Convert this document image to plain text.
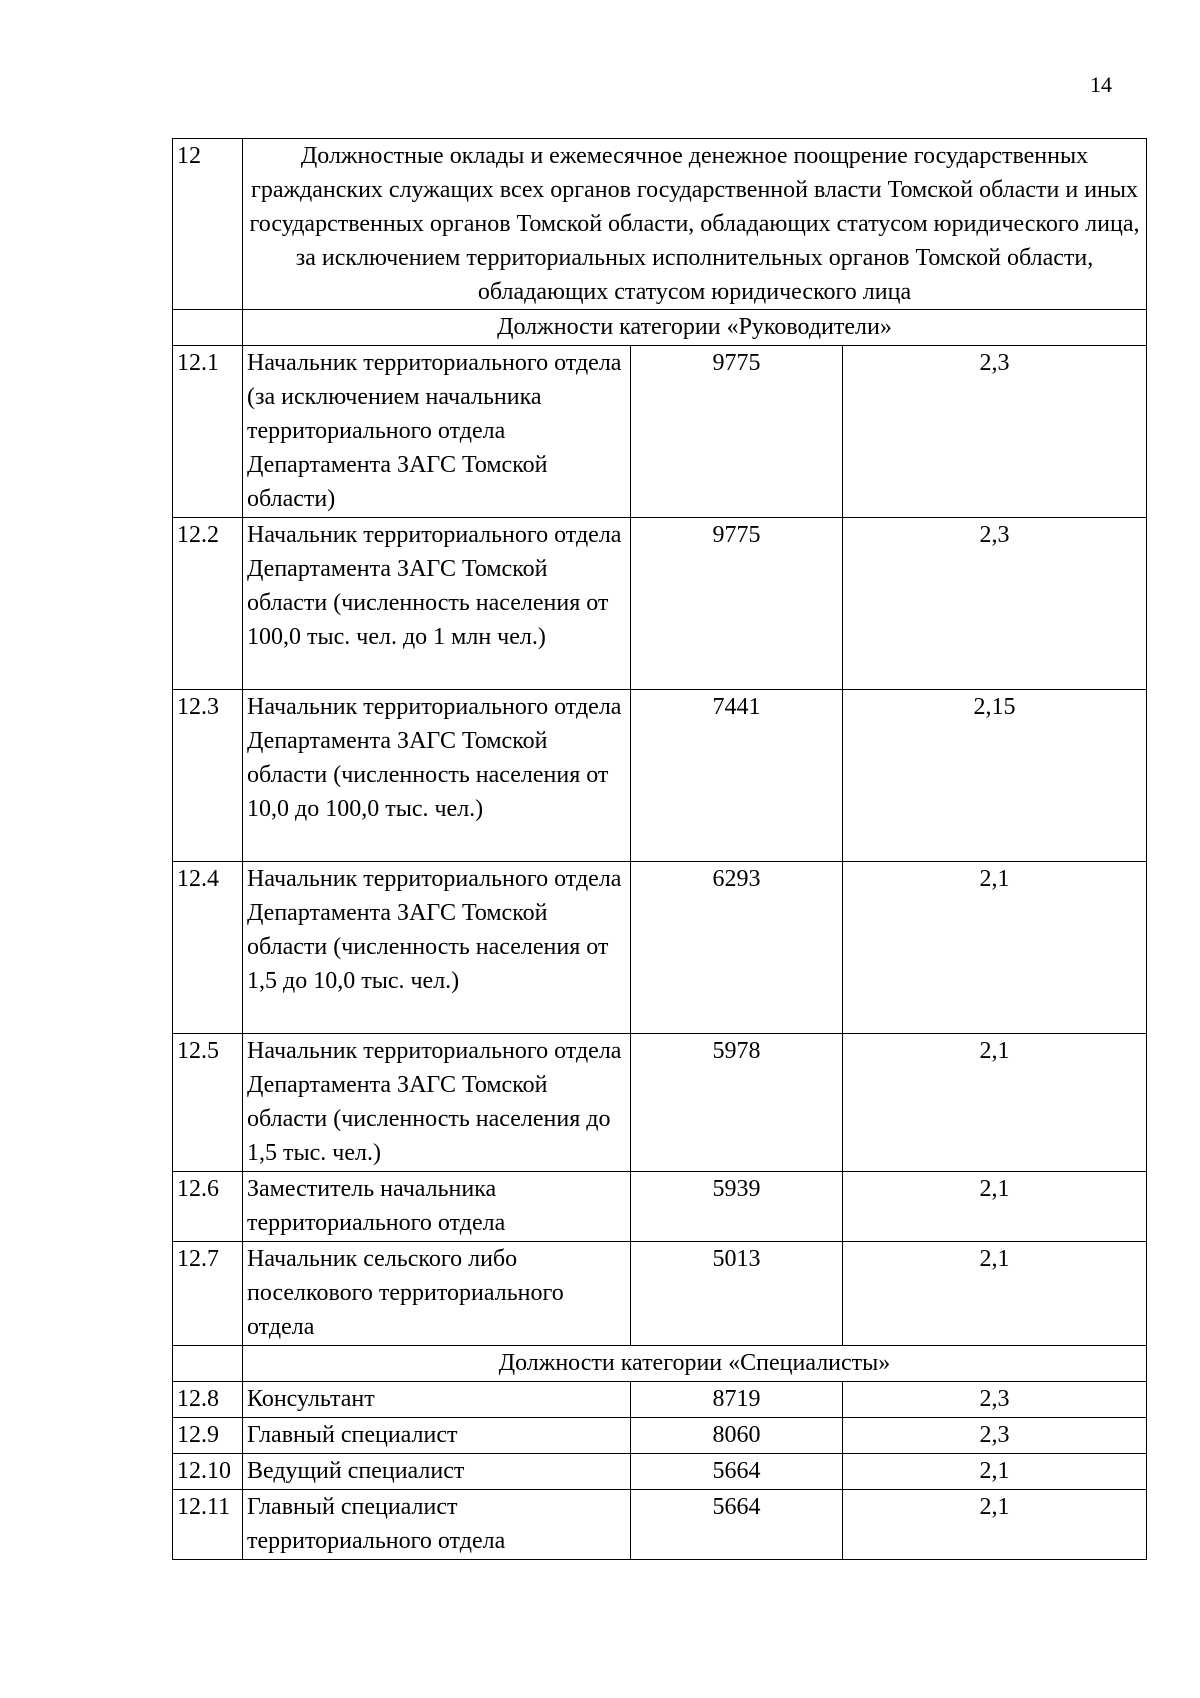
14
12	Должностные оклады и ежемесячное денежное поощрение государственных гражданских служащих всех органов государственной власти Томской области и иных государственных органов Томской области, обладающих статусом юридического лица, за исключением территориальных исполнительных органов Томской области, обладающих статусом юридического лица		
	Должности категории «Руководители»		
12.1	Начальник территориального отдела (за исключением начальника территориального отдела Департамента ЗАГС Томской области)	9775	2,3
12.2	Начальник территориального отдела Департамента ЗАГС Томской области (численность населения от 100,0 тыс. чел. до 1 млн чел.)	9775	2,3
12.3	Начальник территориального отдела Департамента ЗАГС Томской области (численность населения от 10,0 до 100,0 тыс. чел.)	7441	2,15
12.4	Начальник территориального отдела Департамента ЗАГС Томской области (численность населения от 1,5 до 10,0 тыс. чел.)	6293	2,1
12.5	Начальник территориального отдела Департамента ЗАГС Томской области (численность населения до 1,5 тыс. чел.)	5978	2,1
12.6	Заместитель начальника территориального отдела	5939	2,1
12.7	Начальник сельского либо поселкового территориального отдела	5013	2,1
	Должности категории «Специалисты»		
12.8	Консультант	8719	2,3
12.9	Главный специалист	8060	2,3
12.10	Ведущий специалист	5664	2,1
12.11	Главный специалист территориального отдела	5664	2,1
